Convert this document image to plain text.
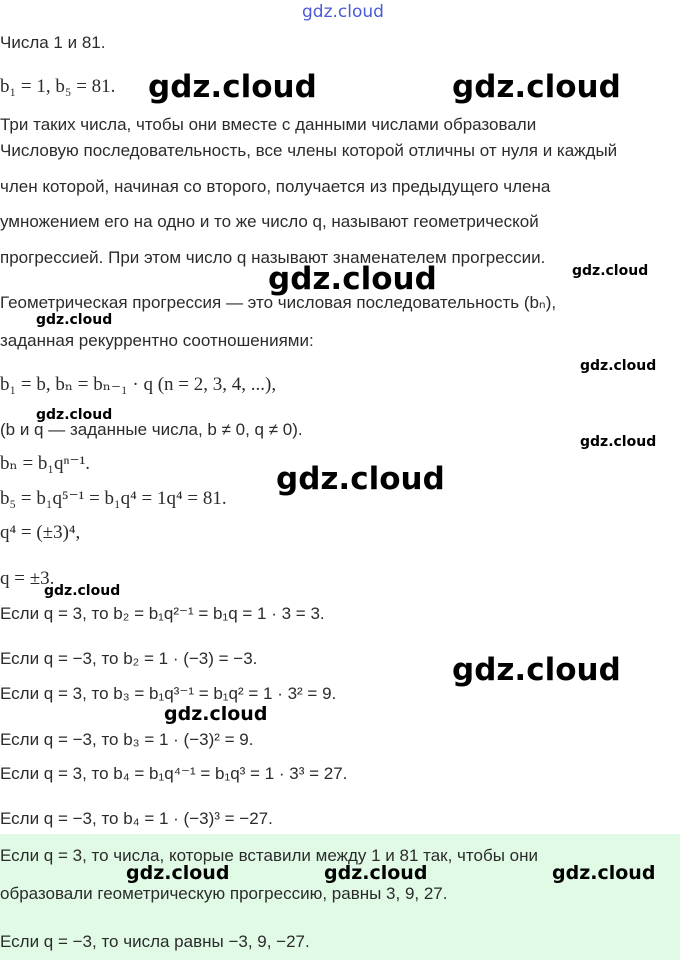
gdz.cloud
Числа 1 и 81.
b₁ = 1, b₅ = 81.
Три таких числа, чтобы они вместе с данными числами образовали
Числовую последовательность, все члены которой отличны от нуля и каждый
член которой, начиная со второго, получается из предыдущего члена
умножением его на одно и то же число q, называют геометрической
прогрессией. При этом число q называют знаменателем прогрессии.
Геометрическая прогрессия — это числовая последовательность (bₙ),
заданная рекуррентно соотношениями:
b₁ = b, bₙ = bₙ₋₁ · q (n = 2, 3, 4, ...),
(b и q — заданные числа, b ≠ 0, q ≠ 0).
bₙ = b₁qⁿ⁻¹.
b₅ = b₁q⁵⁻¹ = b₁q⁴ = 1q⁴ = 81.
q⁴ = (±3)⁴,
q = ±3.
Если q = 3, то b₂ = b₁q²⁻¹ = b₁q = 1 · 3 = 3.
Если q = −3, то b₂ = 1 · (−3) = −3.
Если q = 3, то b₃ = b₁q³⁻¹ = b₁q² = 1 · 3² = 9.
Если q = −3, то b₃ = 1 · (−3)² = 9.
Если q = 3, то b₄ = b₁q⁴⁻¹ = b₁q³ = 1 · 3³ = 27.
Если q = −3, то b₄ = 1 · (−3)³ = −27.
Если q = 3, то числа, которые вставили между 1 и 81 так, чтобы они
образовали геометрическую прогрессию, равны 3, 9, 27.
Если q = −3, то числа равны −3, 9, −27.
gdz.cloud	gdz.cloud
gdz.cloud	gdz.cloud
gdz.cloud
gdz.cloud
gdz.cloud
gdz.cloud
gdz.cloud
gdz.cloud
gdz.cloud
gdz.cloud
gdz.cloud	gdz.cloud	gdz.cloud
